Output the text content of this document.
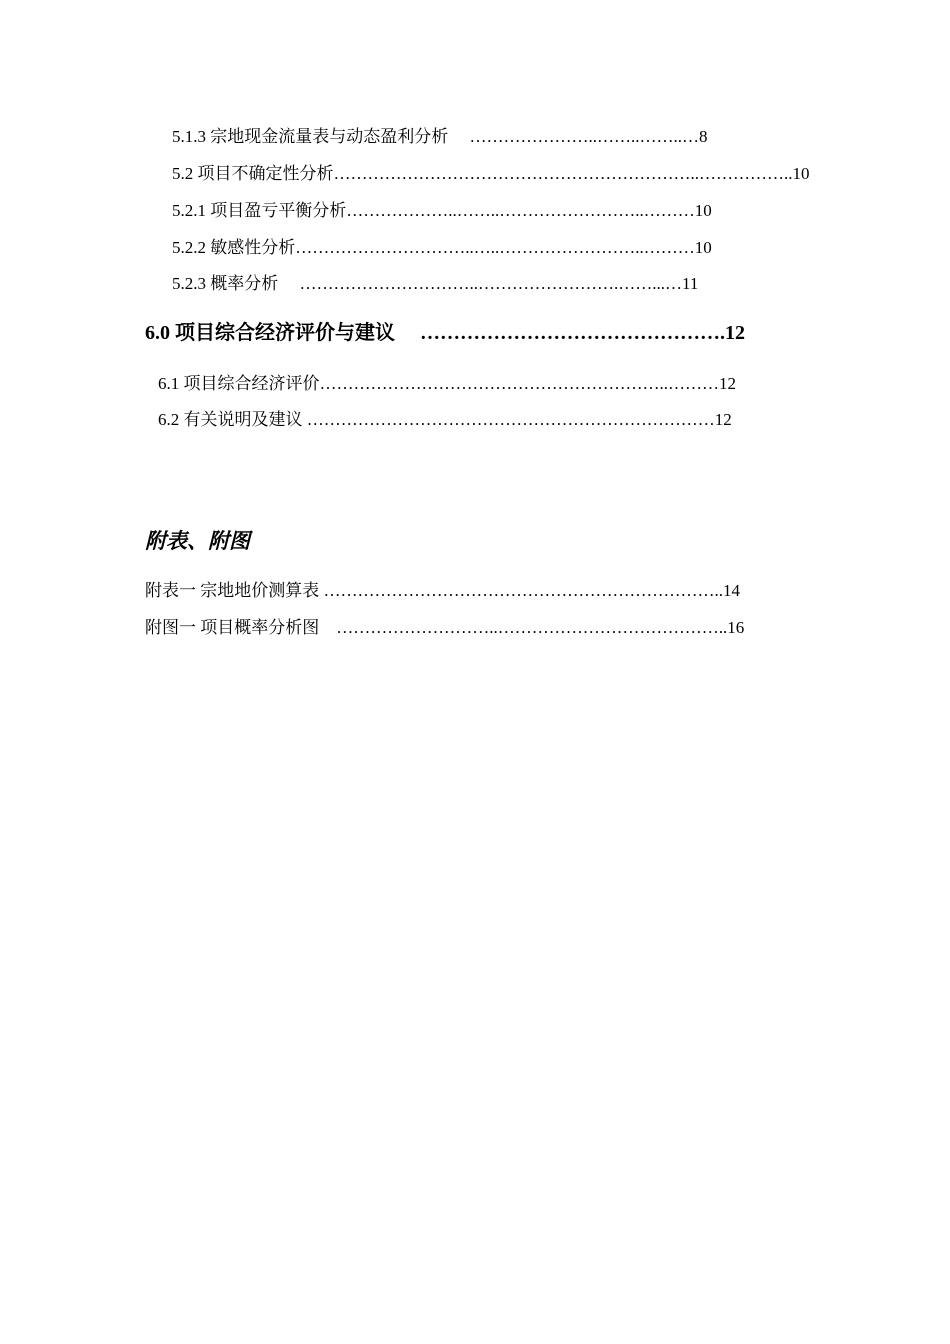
5.1.3 宗地现金流量表与动态盈利分析　 …………………..……..……..…8
5.2 项目不确定性分析………………………………………………………..……………..10
5.2.1 项目盈亏平衡分析………………..……..……………………..………10
5.2.2 敏感性分析…………………………..…..……………………..………10
5.2.3 概率分析　 …………………………..…………………….……...…11
6.0 项目综合经济评价与建议　 ……………………………………….12
6.1 项目综合经济评价……………………………………………………..………12
6.2 有关说明及建议 ………………………………………………………………12
附表、附图
附表一 宗地地价测算表 ……………………………………………………………..14
附图一 项目概率分析图　………………………..…………………………………..16
